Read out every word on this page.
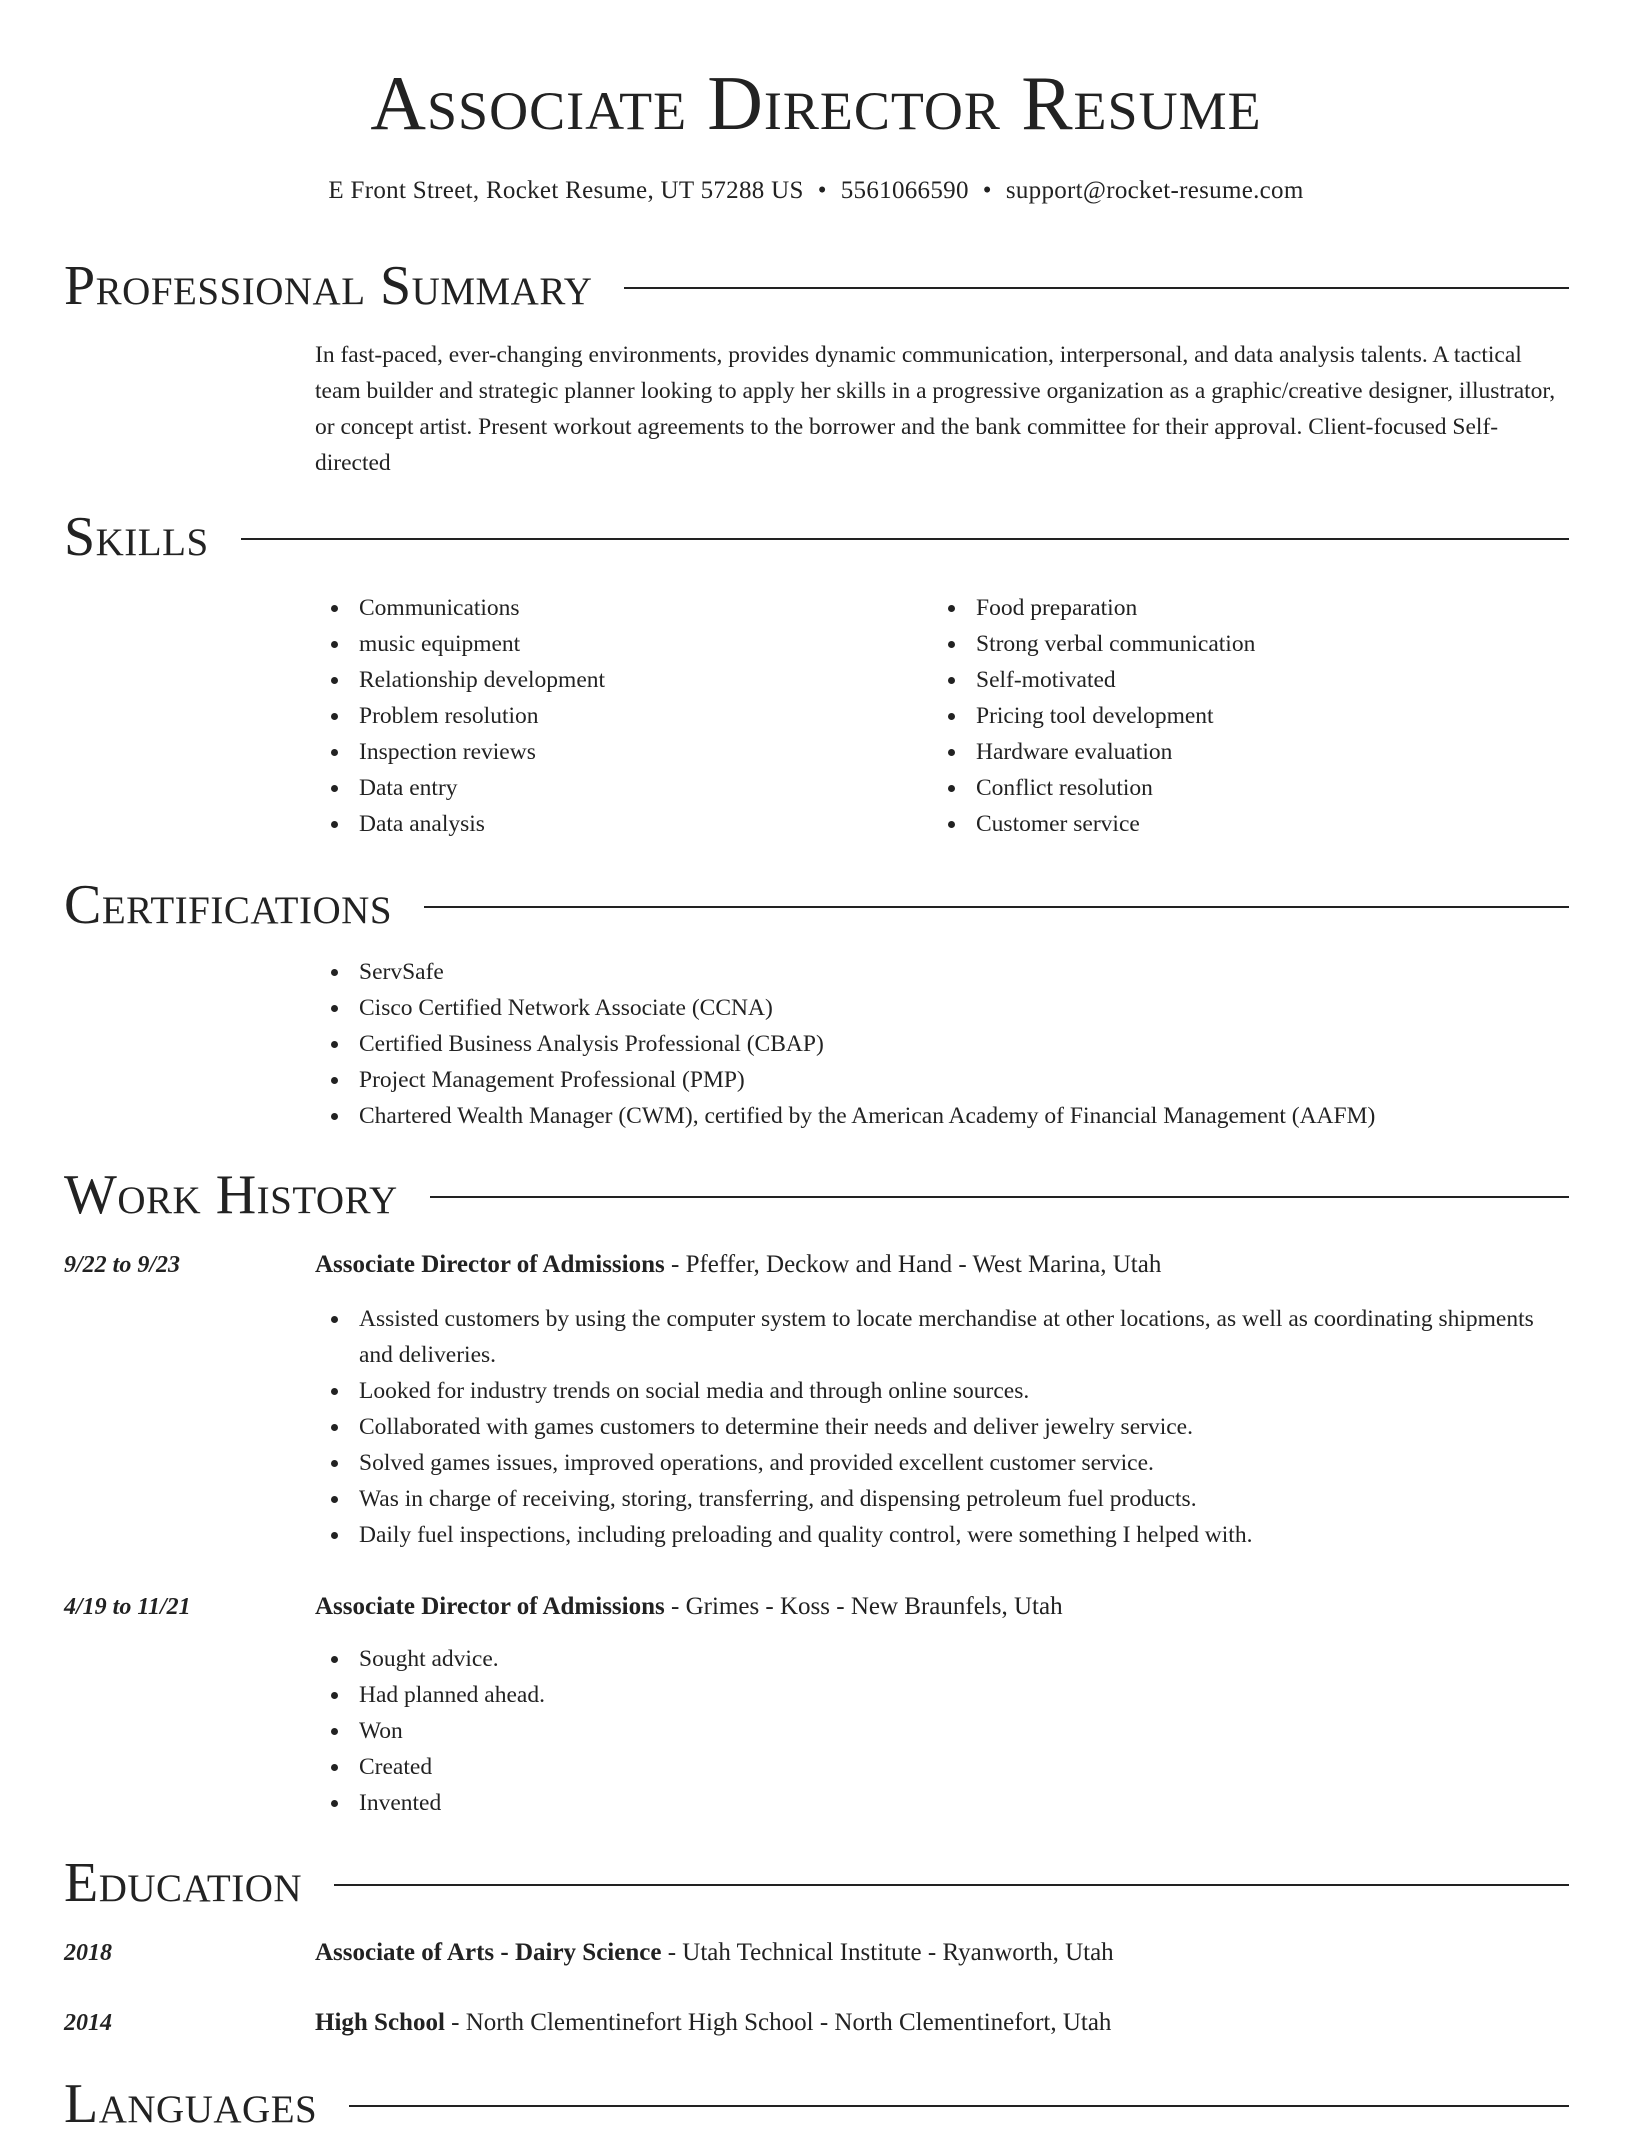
Associate Director Resume
E Front Street, Rocket Resume, UT 57288 US • 5561066590 • support@rocket-resume.com
Professional Summary
In fast-paced, ever-changing environments, provides dynamic communication, interpersonal, and data analysis talents. A tactical team builder and strategic planner looking to apply her skills in a progressive organization as a graphic/creative designer, illustrator, or concept artist. Present workout agreements to the borrower and the bank committee for their approval. Client-focused Self-directed
Skills
Communications
music equipment
Relationship development
Problem resolution
Inspection reviews
Data entry
Data analysis
Food preparation
Strong verbal communication
Self-motivated
Pricing tool development
Hardware evaluation
Conflict resolution
Customer service
Certifications
ServSafe
Cisco Certified Network Associate (CCNA)
Certified Business Analysis Professional (CBAP)
Project Management Professional (PMP)
Chartered Wealth Manager (CWM), certified by the American Academy of Financial Management (AAFM)
Work History
9/22 to 9/23	Associate Director of Admissions - Pfeffer, Deckow and Hand - West Marina, Utah
Assisted customers by using the computer system to locate merchandise at other locations, as well as coordinating shipments and deliveries.
Looked for industry trends on social media and through online sources.
Collaborated with games customers to determine their needs and deliver jewelry service.
Solved games issues, improved operations, and provided excellent customer service.
Was in charge of receiving, storing, transferring, and dispensing petroleum fuel products.
Daily fuel inspections, including preloading and quality control, were something I helped with.
4/19 to 11/21	Associate Director of Admissions - Grimes - Koss - New Braunfels, Utah
Sought advice.
Had planned ahead.
Won
Created
Invented
Education
2018	Associate of Arts - Dairy Science - Utah Technical Institute - Ryanworth, Utah
2014	High School - North Clementinefort High School - North Clementinefort, Utah
Languages
